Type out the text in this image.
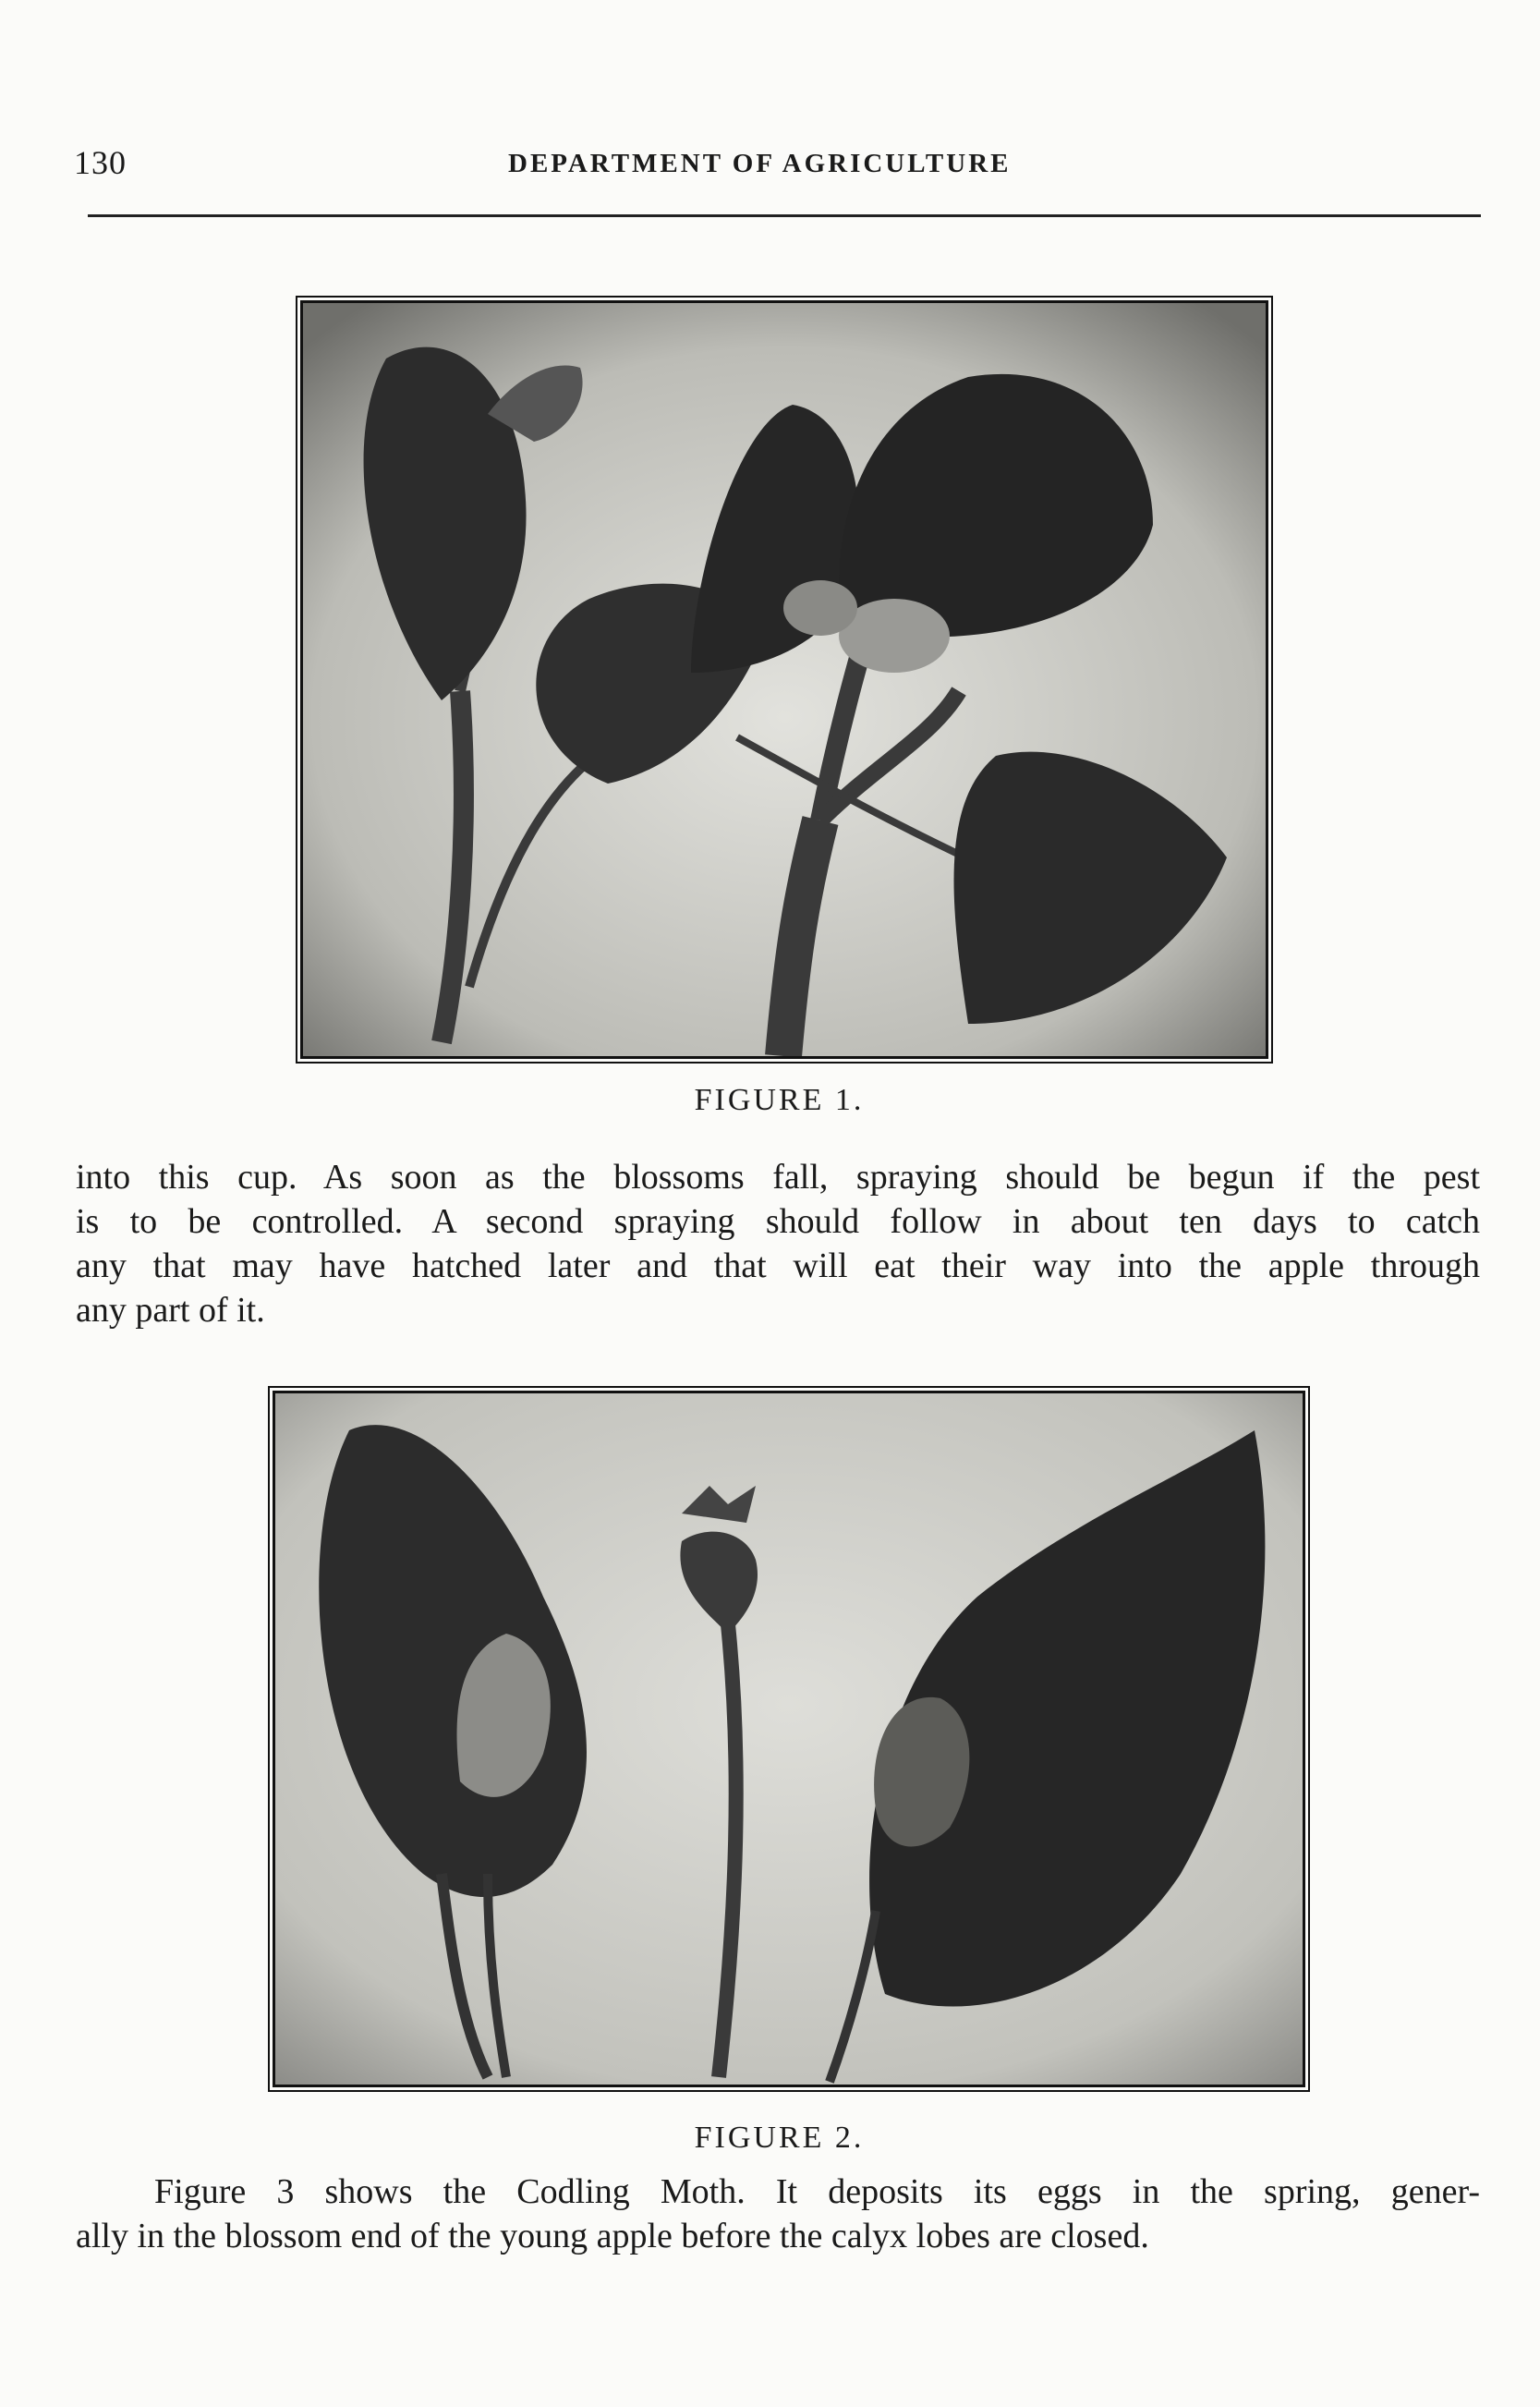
130	DEPARTMENT OF AGRICULTURE
FIGURE 1.
into this cup. As soon as the blossoms fall, spraying should be begun if the pest
is to be controlled. A second spraying should follow in about ten days to catch
any that may have hatched later and that will eat their way into the apple through
any part of it.
FIGURE 2.
Figure 3 shows the Codling Moth. It deposits its eggs in the spring, gener-
ally in the blossom end of the young apple before the calyx lobes are closed.
